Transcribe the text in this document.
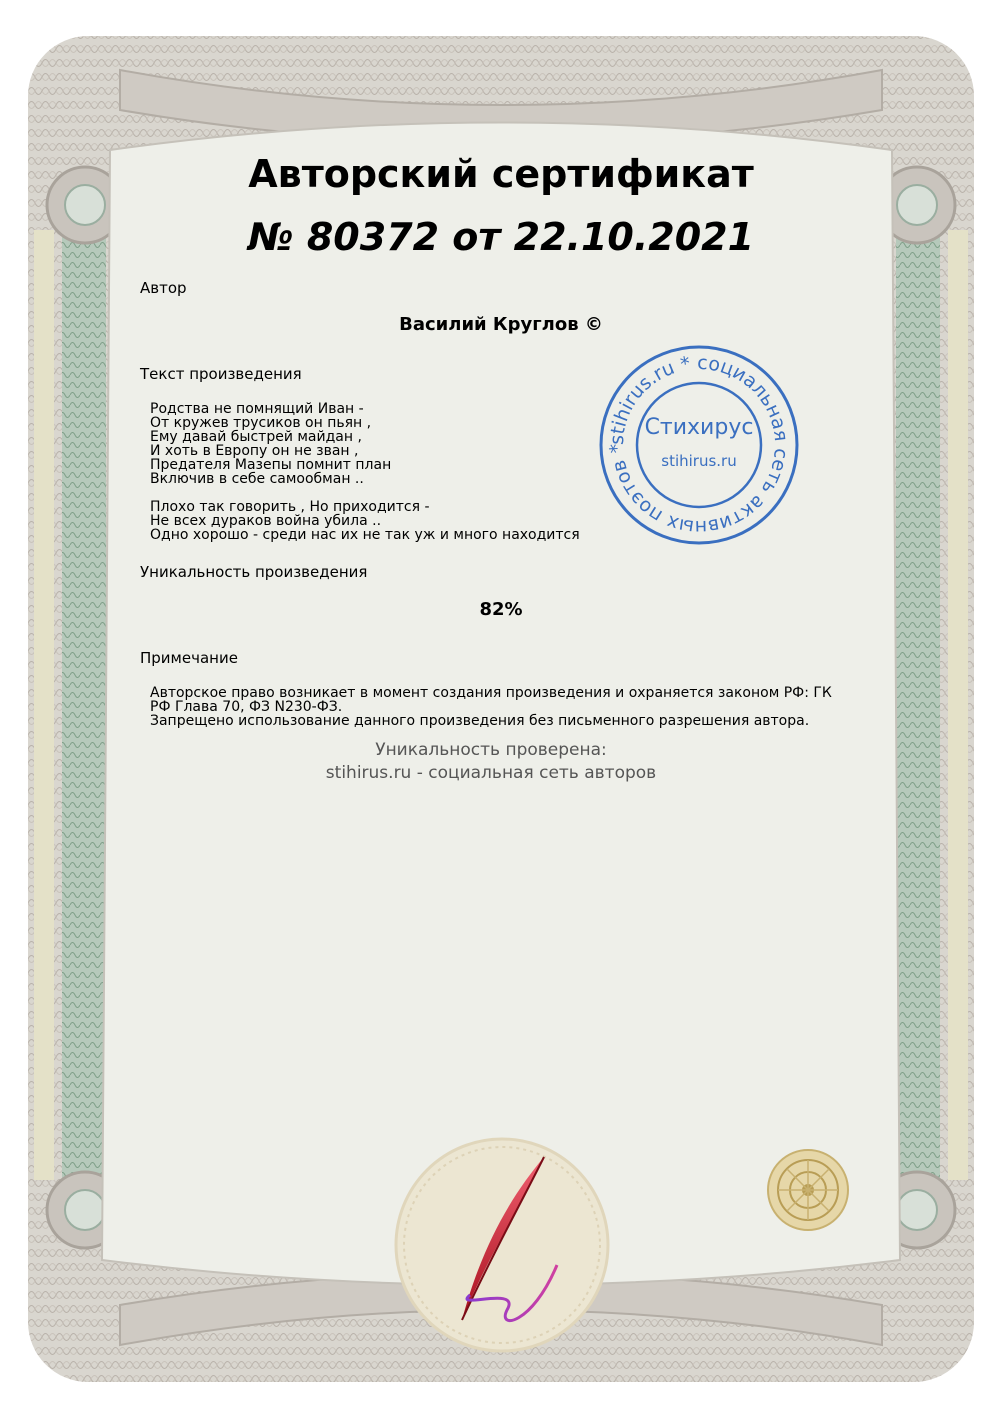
stihirus.ru * социальная сеть активных поэтов *
Стихирус
stihirus.ru
Авторский сертификат
№ 80372 от 22.10.2021
Автор
Василий Круглов ©
Текст произведения
Родства не помнящий Иван -
От кружев трусиков он пьян ,
Ему давай быстрей майдан ,
И хоть в Европу он не зван ,
Предателя Мазепы помнит план
Включив в себе самообман ..
Плохо так говорить , Но приходится -
Не всех дураков война убила ..
Одно хорошо - среди нас их не так уж и много находится
Уникальность произведения
82%
Примечание
Авторское право возникает в момент создания произведения и охраняется законом РФ: ГК
РФ Глава 70, ФЗ N230-ФЗ.
Запрещено использование данного произведения без письменного разрешения автора.
Уникальность проверена:
stihirus.ru - социальная сеть авторов
